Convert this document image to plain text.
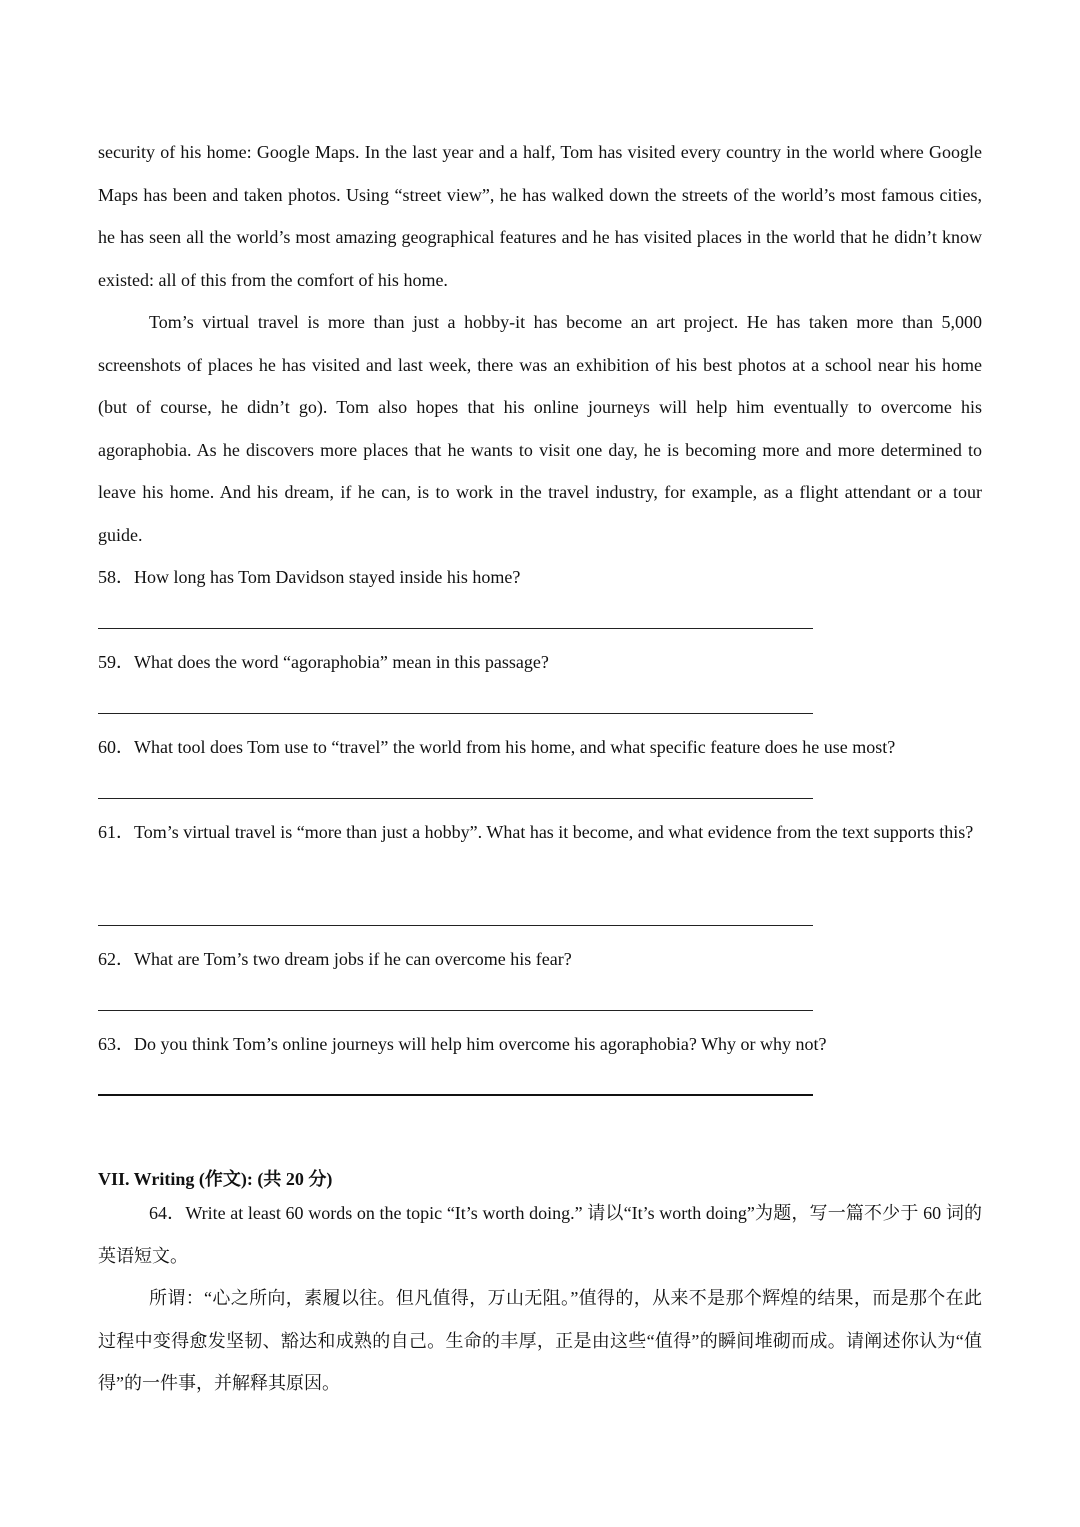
security of his home: Google Maps. In the last year and a half, Tom has visited every country in the world where Google Maps has been and taken photos. Using “street view”, he has walked down the streets of the world’s most famous cities, he has seen all the world’s most amazing geographical features and he has visited places in the world that he didn’t know existed: all of this from the comfort of his home.

Tom’s virtual travel is more than just a hobby-it has become an art project. He has taken more than 5,000 screenshots of places he has visited and last week, there was an exhibition of his best photos at a school near his home (but of course, he didn’t go). Tom also hopes that his online journeys will help him eventually to overcome his agoraphobia. As he discovers more places that he wants to visit one day, he is becoming more and more determined to leave his home. And his dream, if he can, is to work in the travel industry, for example, as a flight attendant or a tour guide.

58．How long has Tom Davidson stayed inside his home?

59．What does the word “agoraphobia” mean in this passage?

60．What tool does Tom use to “travel” the world from his home, and what specific feature does he use most?

61．Tom’s virtual travel is “more than just a hobby”. What has it become, and what evidence from the text supports this?

62．What are Tom’s two dream jobs if he can overcome his fear?

63．Do you think Tom’s online journeys will help him overcome his agoraphobia? Why or why not?

VII. Writing (作文): (共 20 分)

64．Write at least 60 words on the topic “It’s worth doing.” 请以“It’s worth doing”为题，写一篇不少于 60 词的英语短文。

所谓：“心之所向，素履以往。但凡值得，万山无阻。”值得的，从来不是那个辉煌的结果，而是那个在此过程中变得愈发坚韧、豁达和成熟的自己。生命的丰厚，正是由这些“值得”的瞬间堆砌而成。请阐述你认为“值得”的一件事，并解释其原因。
